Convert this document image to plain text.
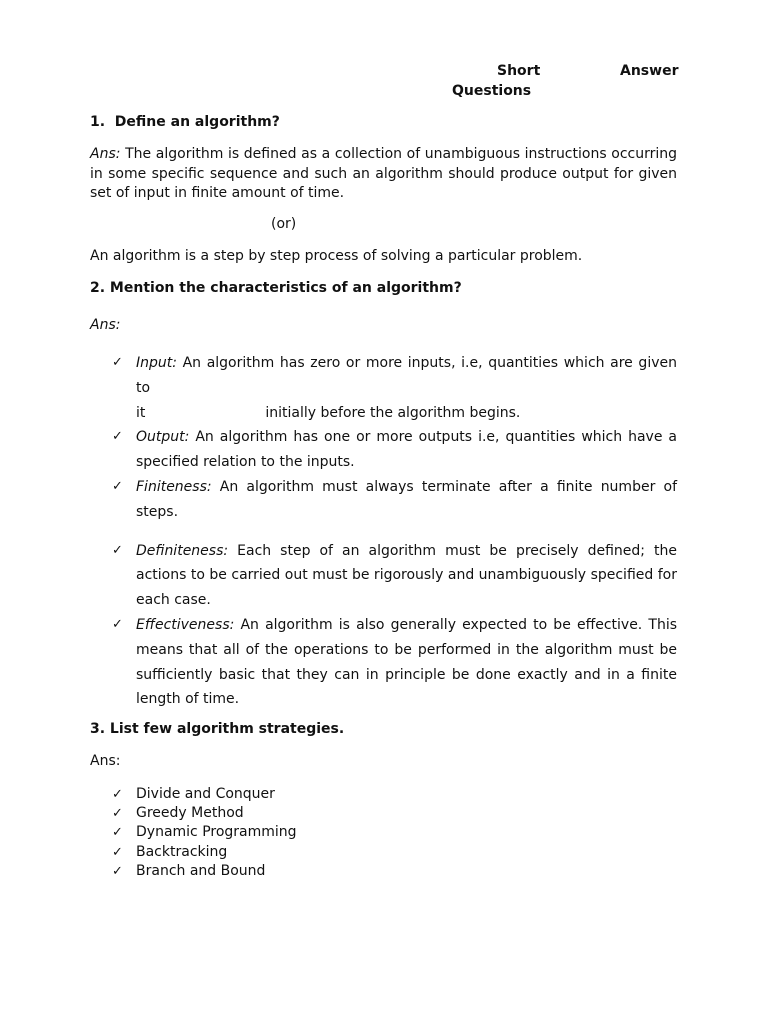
Short	Answer
Questions
1.  Define an algorithm?
Ans: The algorithm is defined as a collection of unambiguous instructions occurring
in some specific sequence and such an algorithm should produce output for given
set of input in finite amount of time.
(or)
An algorithm is a step by step process of solving a particular problem.
2. Mention the characteristics of an algorithm?
Ans:
✓ Input: An algorithm has zero or more inputs, i.e, quantities which are given to
it	initially before the algorithm begins.
✓ Output: An algorithm has one or more outputs i.e, quantities which have a
specified relation to the inputs.
✓ Finiteness: An algorithm must always terminate after a finite number of
steps.
✓ Definiteness: Each step of an algorithm must be precisely defined; the
actions to be carried out must be rigorously and unambiguously specified for
each case.
✓ Effectiveness: An algorithm is also generally expected to be effective. This
means that all of the operations to be performed in the algorithm must be
sufficiently basic that they can in principle be done exactly and in a finite
length of time.
3. List few algorithm strategies.
Ans:
✓ Divide and Conquer
✓ Greedy Method
✓ Dynamic Programming
✓ Backtracking
✓ Branch and Bound
